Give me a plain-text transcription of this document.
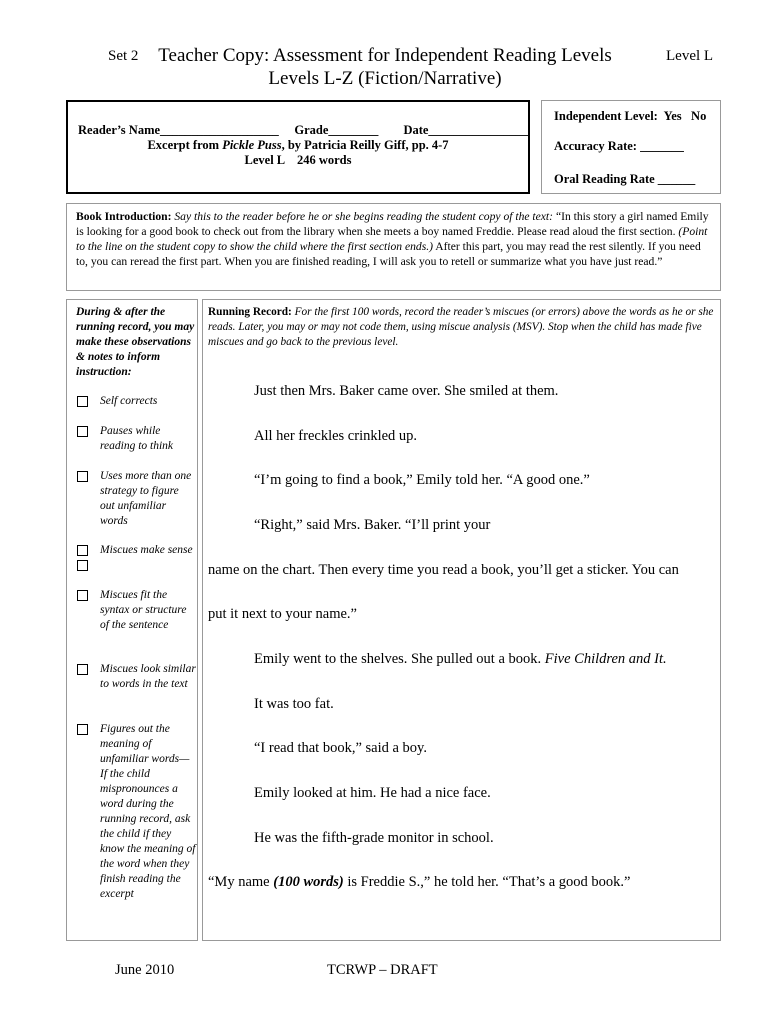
Set 2	Teacher Copy: Assessment for Independent Reading Levels
Levels L-Z (Fiction/Narrative)
Level L
Reader’s Name___________________ Grade________ Date________________
Excerpt from Pickle Puss, by Patricia Reilly Giff, pp. 4-7
Level L    246 words
Independent Level:  Yes   No
Accuracy Rate: _______
Oral Reading Rate ______
Book Introduction: Say this to the reader before he or she begins reading the student copy of the text: “In this story a girl named Emily is looking for a good book to check out from the library when she meets a boy named Freddie. Please read aloud the first section. (Point to the line on the student copy to show the child where the first section ends.) After this part, you may read the rest silently. If you need to, you can reread the first part. When you are finished reading, I will ask you to retell or summarize what you have just read.”
During & after the running record, you may make these observations & notes to inform instruction:
Self corrects
Pauses while reading to think
Uses more than one strategy to figure out unfamiliar words
Miscues make sense
Miscues fit the syntax or structure of the sentence
Miscues look similar to words in the text
Figures out the meaning of unfamiliar words—If the child mispronounces a word during the running record, ask the child if they know the meaning of the word when they finish reading the excerpt
Running Record: For the first 100 words, record the reader’s miscues (or errors) above the words as he or she reads. Later, you may or may not code them, using miscue analysis (MSV). Stop when the child has made five miscues and go back to the previous level.
Just then Mrs. Baker came over. She smiled at them.
All her freckles crinkled up.
“I’m going to find a book,” Emily told her. “A good one.”
“Right,” said Mrs. Baker. “I’ll print your
name on the chart. Then every time you read a book, you’ll get a sticker. You can
put it next to your name.”
Emily went to the shelves. She pulled out a book. Five Children and It.
It was too fat.
“I read that book,” said a boy.
Emily looked at him. He had a nice face.
He was the fifth-grade monitor in school.
“My name (100 words) is Freddie S.,” he told her. “That’s a good book.”
June 2010	TCRWP – DRAFT
